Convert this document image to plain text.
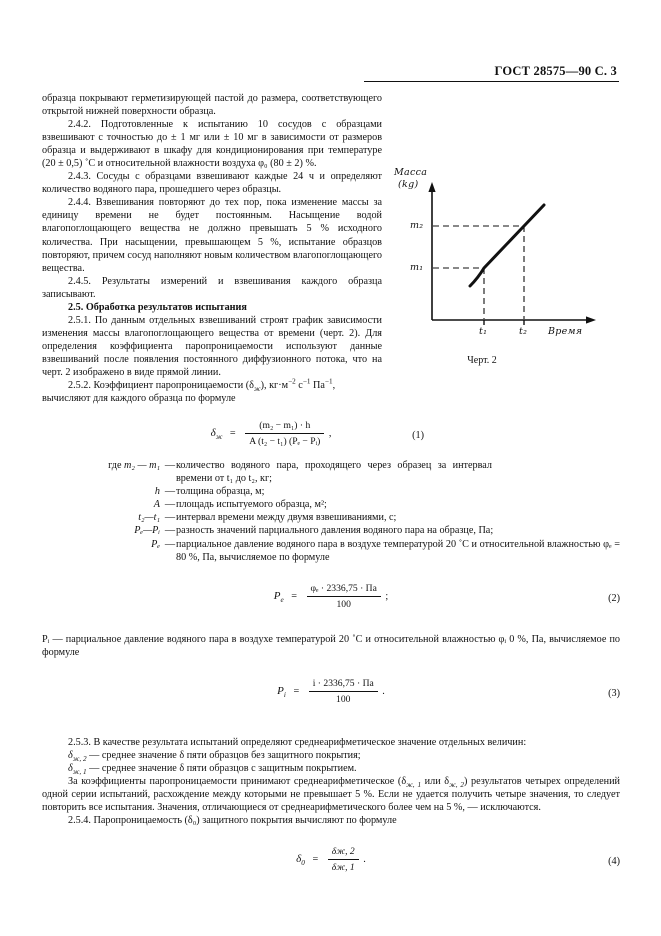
ГОСТ 28575—90 С. 3
Масса
(kg)
m₂
m₁
t₁	t₂ Время
Черт. 2

образца покрывают герметизирующей пастой до размера, соответствующего открытой нижней поверхности образца.

2.4.2. Подготовленные к испытанию 10 сосудов с образцами взвешивают с точностью до ± 1 мг или ± 10 мг в зависимости от размеров образца и выдерживают в шкафу для кондиционирования при температуре (20 ± 0,5) ˚С и относительной влажности воздуха φ₀ (80 ± 2) %.

2.4.3. Сосуды с образцами взвешивают каждые 24 ч и определяют количество водяного пара, прошедшего через образцы.

2.4.4. Взвешивания повторяют до тех пор, пока изменение массы за единицу времени не будет постоянным. Насыщение водой влагопоглощающего вещества не должно превышать 5 % исходного количества. При насыщении, превышающем 5 %, испытание образцов повторяют, причем сосуд наполняют новым количеством влагопоглощающего вещества.

2.4.5. Результаты измерений и взвешивания каждого образца записывают.

2.5. Обработка результатов испытания

2.5.1. По данным отдельных взвешиваний строят график зависимости изменения массы влагопоглощающего вещества от времени (черт. 2). Для определения коэффициента паропроницаемости используют данные взвешиваний после появления постоянного диффузионного потока, что на черт. 2 изображено в виде прямой линии.

2.5.2. Коэффициент паропроницаемости $(\delta_ж)$, $кг\cdot м^{-2}$ $с^{-1}$ $Па^{-1}$,

вычисляют для каждого образца по формуле

$\delta_ж = \frac{\text{(m₂ − m₁) · h}}{\text{A (t₂ − t₁) (Pₑ − Pᵢ)}}$ ,	(1)
где m₂ — m₁ — количество водяного пара, проходящего через образец за интервал времени от t₁ до t₂, кг;
h — толщина образца, м;
A — площадь испытуемого образца, м²;
t₂—t₁ — интервал времени между двумя взвешиваниями, с;
Pₑ—Pᵢ — разность значений парциального давления водяного пара на образце, Па;
Pₑ — парциальное давление водяного пара в воздухе температурой 20 ˚С и относительной влажностью φₑ = 80 %, Па, вычисляемое по формуле
$P_e = \frac{\text{φₑ · 2336,75 · Па}}{100}$ ;	(2)

Pᵢ — парциальное давление водяного пара в воздухе температурой 20 ˚С и относительной влажностью φᵢ 0 %, Па, вычисляемое по формуле

$P_i = \frac{i \cdot 2336,75 \cdot Па}{100}$ .	(3)

2.5.3. В качестве результата испытаний определяют среднеарифметическое значение отдельных величин:

$\delta_{ж, 2}$ — среднее значение δ пяти образцов без защитного покрытия;

$\delta_{ж, 1}$ — среднее значение δ пяти образцов с защитным покрытием.

За коэффициенты паропроницаемости принимают среднеарифметическое ($\delta_{ж, 1}$ или $\delta_{ж, 2}$) результатов четырех определений одной серии испытаний, расхождение между которыми не превышает 5 %. Если не удается получить четыре значения, то следует повторить все испытания. Значения, отличающиеся от среднеарифметического более чем на 5 %, — исключаются.

2.5.4. Паропроницаемость (δ₀) защитного покрытия вычисляют по формуле

$\delta_0 = \frac{\delta ж, 2}{\delta ж, 1}$ .	(4)
